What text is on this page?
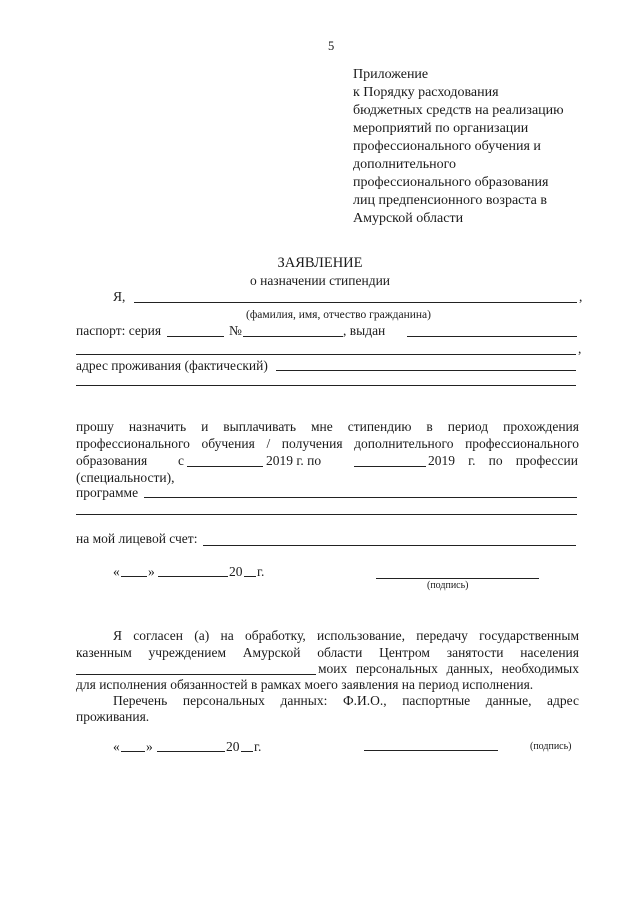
5
Приложение
к Порядку расходования
бюджетных средств на реализацию
мероприятий по организации
профессионального обучения и
дополнительного
профессионального образования
лиц предпенсионного возраста в
Амурской области
ЗАЯВЛЕНИЕ
о назначении стипендии
Я,	,
(фамилия, имя, отчество гражданина)
паспорт: серия	№	, выдан
,
адрес проживания (фактический)
прошу назначить и выплачивать мне стипендию в период прохождения
профессионального обучения / получения дополнительного профессионального
образования с	2019 г. по	2019 г. по профессии
(специальности),
программе
на мой лицевой счет:
« »	20 г.
(подпись)
Я согласен (а) на обработку, использование, передачу государственным
казенным учреждением Амурской области Центром занятости населения
моих персональных данных, необходимых
для исполнения обязанностей в рамках моего заявления на период исполнения.
Перечень персональных данных: Ф.И.О., паспортные данные, адрес
проживания.
« »	20 г.	(подпись)
